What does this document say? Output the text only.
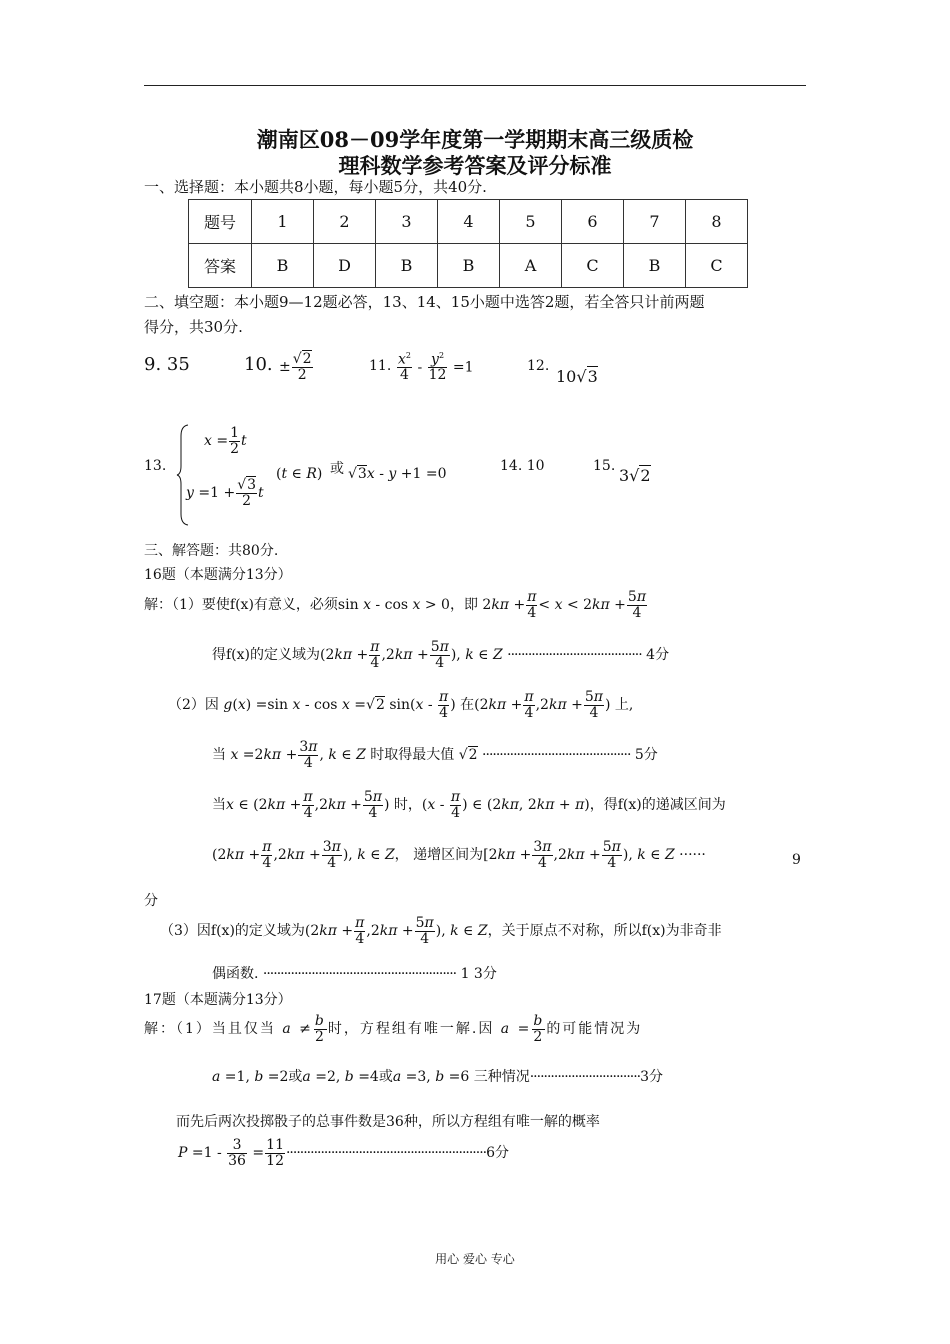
潮南区08－09学年度第一学期期末高三级质检
理科数学参考答案及评分标准
一、选择题：本小题共8小题，每小题5分，共40分.
题号	1	2	3	4	5	6	7	8
答案	B	D	B	B	A	C	B	C
二、填空题：本小题9—12题必答，13、14、15小题中选答2题，若全答只计前两题
得分，共30分.
9. 35	10. ± $\frac{√2}{2}$	11. $\frac{x^2}{4} - \frac{y^2}{12} =1$	12.
10√3
13.
$x = \frac{1}{2}$ t
$y =1 + \frac{√3}{2}$ t
(t ∈ R) 或 √3x - y +1 =0	14. 10	15. 3√2
三、解答题：共80分.
16题（本题满分13分）
解：（1）要使f(x)有意义，必须sin x - cos x > 0，即 $2k\pi + \frac{\pi}{4} < x < 2k\pi + \frac{5\pi}{4}$
得f(x)的定义域为($2k\pi + \frac{\pi}{4} ,2k\pi + \frac{5\pi}{4}$ ), k ∈ Z ······································· 4分
（2）因 g(x) =sin x - cos x =√2 $\sin(x - \frac{\pi}{4}$ ) 在($2k\pi + \frac{\pi}{4} ,2k\pi + \frac{5\pi}{4}$ ) 上,
当 $x =2k\pi + \frac{3\pi}{4}$ , k ∈ Z 时取得最大值 √2 ··········································· 5分
当x ∈ ($2k\pi + \frac{\pi}{4} ,2k\pi + \frac{5\pi}{4}$ ) 时，($x - \frac{\pi}{4}$ ) ∈ (2kπ, 2kπ + π)，得f(x)的递减区间为
($2k\pi + \frac{\pi}{4} ,2k\pi + \frac{3\pi}{4}$ ), k ∈ Z， 递增区间为[$2k\pi + \frac{3\pi}{4} ,2k\pi + \frac{5\pi}{4}$ ), k ∈ Z ······	9
分
（3）因f(x)的定义域为($2k\pi + \frac{\pi}{4} ,2k\pi + \frac{5\pi}{4}$ ), k ∈ Z，关于原点不对称，所以f(x)为非奇非
偶函数. ························································ 1 3分
17题（本题满分13分）
解：（1）当且仅当 $a \ne \frac{b}{2}$ 时，方程组有唯一解.因 $a = \frac{b}{2}$ 的可能情况为
a =1, b =2或a =2, b =4或a =3, b =6 三种情况································3分
而先后两次投掷骰子的总事件数是36种，所以方程组有唯一解的概率
$P =1 - \frac{3}{36} = \frac{11}{12} \cdot\cdot\cdot\cdot\cdot\cdot\cdot\cdot\cdot\cdot\cdot\cdot\cdot\cdot\cdot\cdot\cdot\cdot\cdot\cdot\cdot\cdot\cdot\cdot\cdot\cdot\cdot\cdot\cdot\cdot\cdot\cdot\cdot\cdot\cdot\cdot\cdot\cdot\cdot\cdot\cdot\cdot\cdot\cdot\cdot\cdot\cdot\cdot\cdot\cdot\cdot\cdot\cdot\cdot\cdot\cdot\cdot\cdot 6$分
用心 爱心 专心
